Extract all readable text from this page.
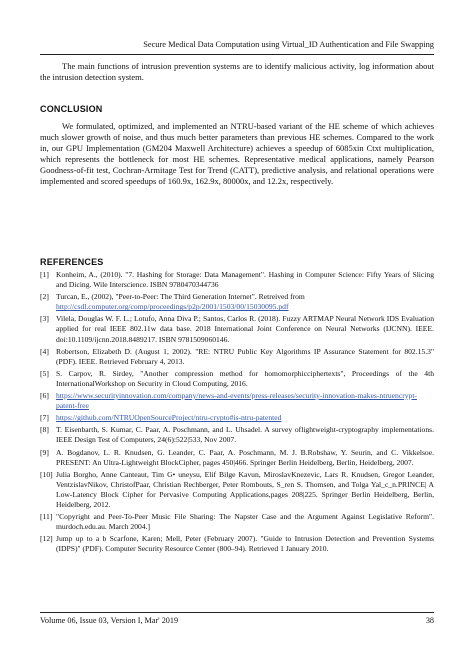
Secure Medical Data Computation using Virtual_ID Authentication and File Swapping

The main functions of intrusion prevention systems are to identify malicious activity, log information about the intrusion detection system.

CONCLUSION

We formulated, optimized, and implemented an NTRU-based variant of the HE scheme of which achieves much slower growth of noise, and thus much better parameters than previous HE schemes. Compared to the work in, our GPU Implementation (GM204 Maxwell Architecture) achieves a speedup of 6085xin Ctxt multiplication, which represents the bottleneck for most HE schemes. Representative medical applications, namely Pearson Goodness-of-fit test, Cochran-Armitage Test for Trend (CATT), predictive analysis, and relational operations were implemented and scored speedups of 160.9x, 162.9x, 80000x, and 12.2x, respectively.

REFERENCES
[1] Konheim, A., (2010). "7. Hashing for Storage: Data Management". Hashing in Computer Science: Fifty Years of Slicing and Dicing. Wile Interscience. ISBN 9780470344736
[2] Turcan, E., (2002), "Peer-to-Peer: The Third Generation Internet". Retreived from
http://csdl.computer.org/comp/proceedings/p2p/2001/1503/00/15030095.pdf
[3] Vilela, Douglas W. F. L.; Lotufo, Anna Diva P.; Santos, Carlos R. (2018). Fuzzy ARTMAP Neural Network IDS Evaluation applied for real IEEE 802.11w data base. 2018 International Joint Conference on Neural Networks (IJCNN). IEEE. doi:10.1109/ijcnn.2018.8489217. ISBN 9781509060146.
[4] Robertson, Elizabeth D. (August 1, 2002). "RE: NTRU Public Key Algorithms IP Assurance Statement for 802.15.3" (PDF). IEEE. Retrieved February 4, 2013.
[5] S. Carpov, R. Sirdey, "Another compression method for homomorphicciphertexts", Proceedings of the 4th InternationalWorkshop on Security in Cloud Computing, 2016.
[6] https://www.securityinnovation.com/company/news-and-events/press-releases/security-innovation-makes-ntruencrypt-patent-free
[7] https://github.com/NTRUOpenSourceProject/ntru-crypto#is-ntru-patented
[8] T. Eisenbarth, S. Kumar, C. Paar, A. Poschmann, and L. Uhsadel. A survey oflightweight-cryptography implementations. IEEE Design Test of Computers, 24(6):522|533, Nov 2007.
[9] A. Bogdanov, L. R. Knudsen, G. Leander, C. Paar, A. Poschmann, M. J. B.Robshaw, Y. Seurin, and C. Vikkelsoe. PRESENT: An Ultra-Lightweight BlockCipher, pages 450|466. Springer Berlin Heidelberg, Berlin, Heidelberg, 2007.
[10] Julia Borgho, Anne Canteaut, Tim G• uneysu, Elif Bilge Kavun, MiroslavKnezevic, Lars R. Knudsen, Gregor Leander, VentzislavNikov, ChristofPaar, Christian Rechberger, Peter Rombouts, S_ren S. Thomsen, and Tolga Yal_c_n.PRINCE| A Low-Latency Block Cipher for Pervasive Computing Applications,pages 208|225. Springer Berlin Heidelberg, Berlin, Heidelberg, 2012.
[11] "Copyright and Peer-To-Peer Music File Sharing: The Napster Case and the Argument Against Legislative Reform". murdoch.edu.au. March 2004.]
[12] Jump up to a b Scarfone, Karen; Mell, Peter (February 2007). "Guide to Intrusion Detection and Prevention Systems (IDPS)" (PDF). Computer Security Resource Center (800–94). Retrieved 1 January 2010.
Volume 06, Issue 03, Version I, Mar' 2019	38
